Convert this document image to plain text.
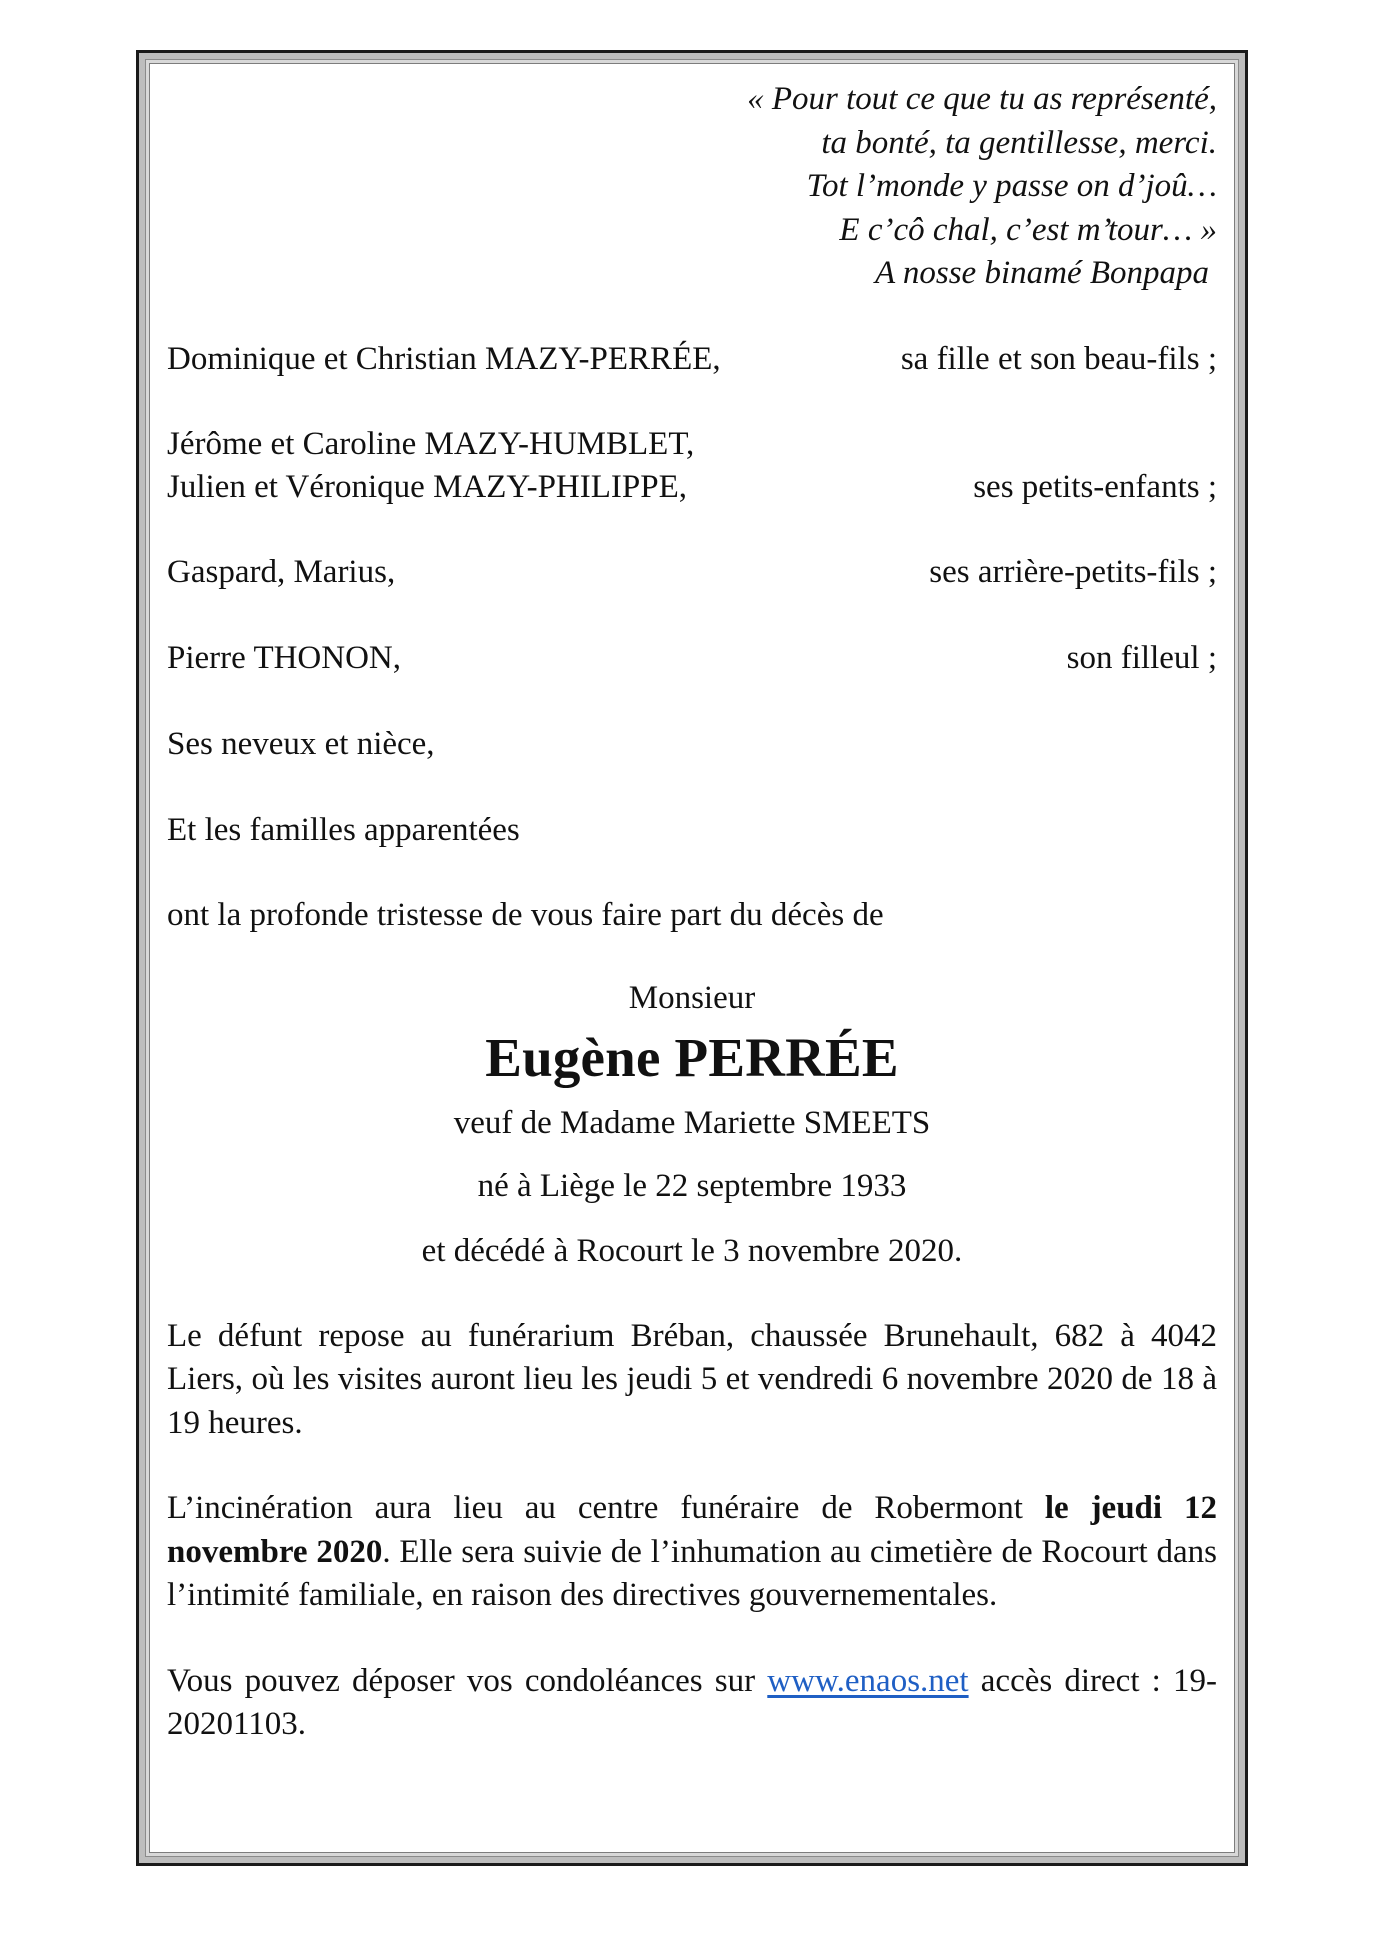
« Pour tout ce que tu as représenté,
ta bonté, ta gentillesse, merci.
Tot l’monde y passe on d’joû…
E c’cô chal, c’est m’tour… »
A nosse binamé Bonpapa
Dominique et Christian MAZY-PERRÉE,	sa fille et son beau-fils ;
Jérôme et Caroline MAZY-HUMBLET,
Julien et Véronique MAZY-PHILIPPE,	ses petits-enfants ;
Gaspard, Marius,	ses arrière-petits-fils ;
Pierre THONON,	son filleul ;
Ses neveux et nièce,
Et les familles apparentées
ont la profonde tristesse de vous faire part du décès de
Monsieur
Eugène PERRÉE
veuf de Madame Mariette SMEETS
né à Liège le 22 septembre 1933
et décédé à Rocourt le 3 novembre 2020.
Le défunt repose au funérarium Bréban, chaussée Brunehault, 682 à 4042 Liers, où les visites auront lieu les jeudi 5 et vendredi 6 novembre 2020 de 18 à 19 heures.
L’incinération aura lieu au centre funéraire de Robermont le jeudi 12 novembre 2020. Elle sera suivie de l’inhumation au cimetière de Rocourt dans l’intimité familiale, en raison des directives gouvernementales.
Vous pouvez déposer vos condoléances sur www.enaos.net accès direct : 19-20201103.
